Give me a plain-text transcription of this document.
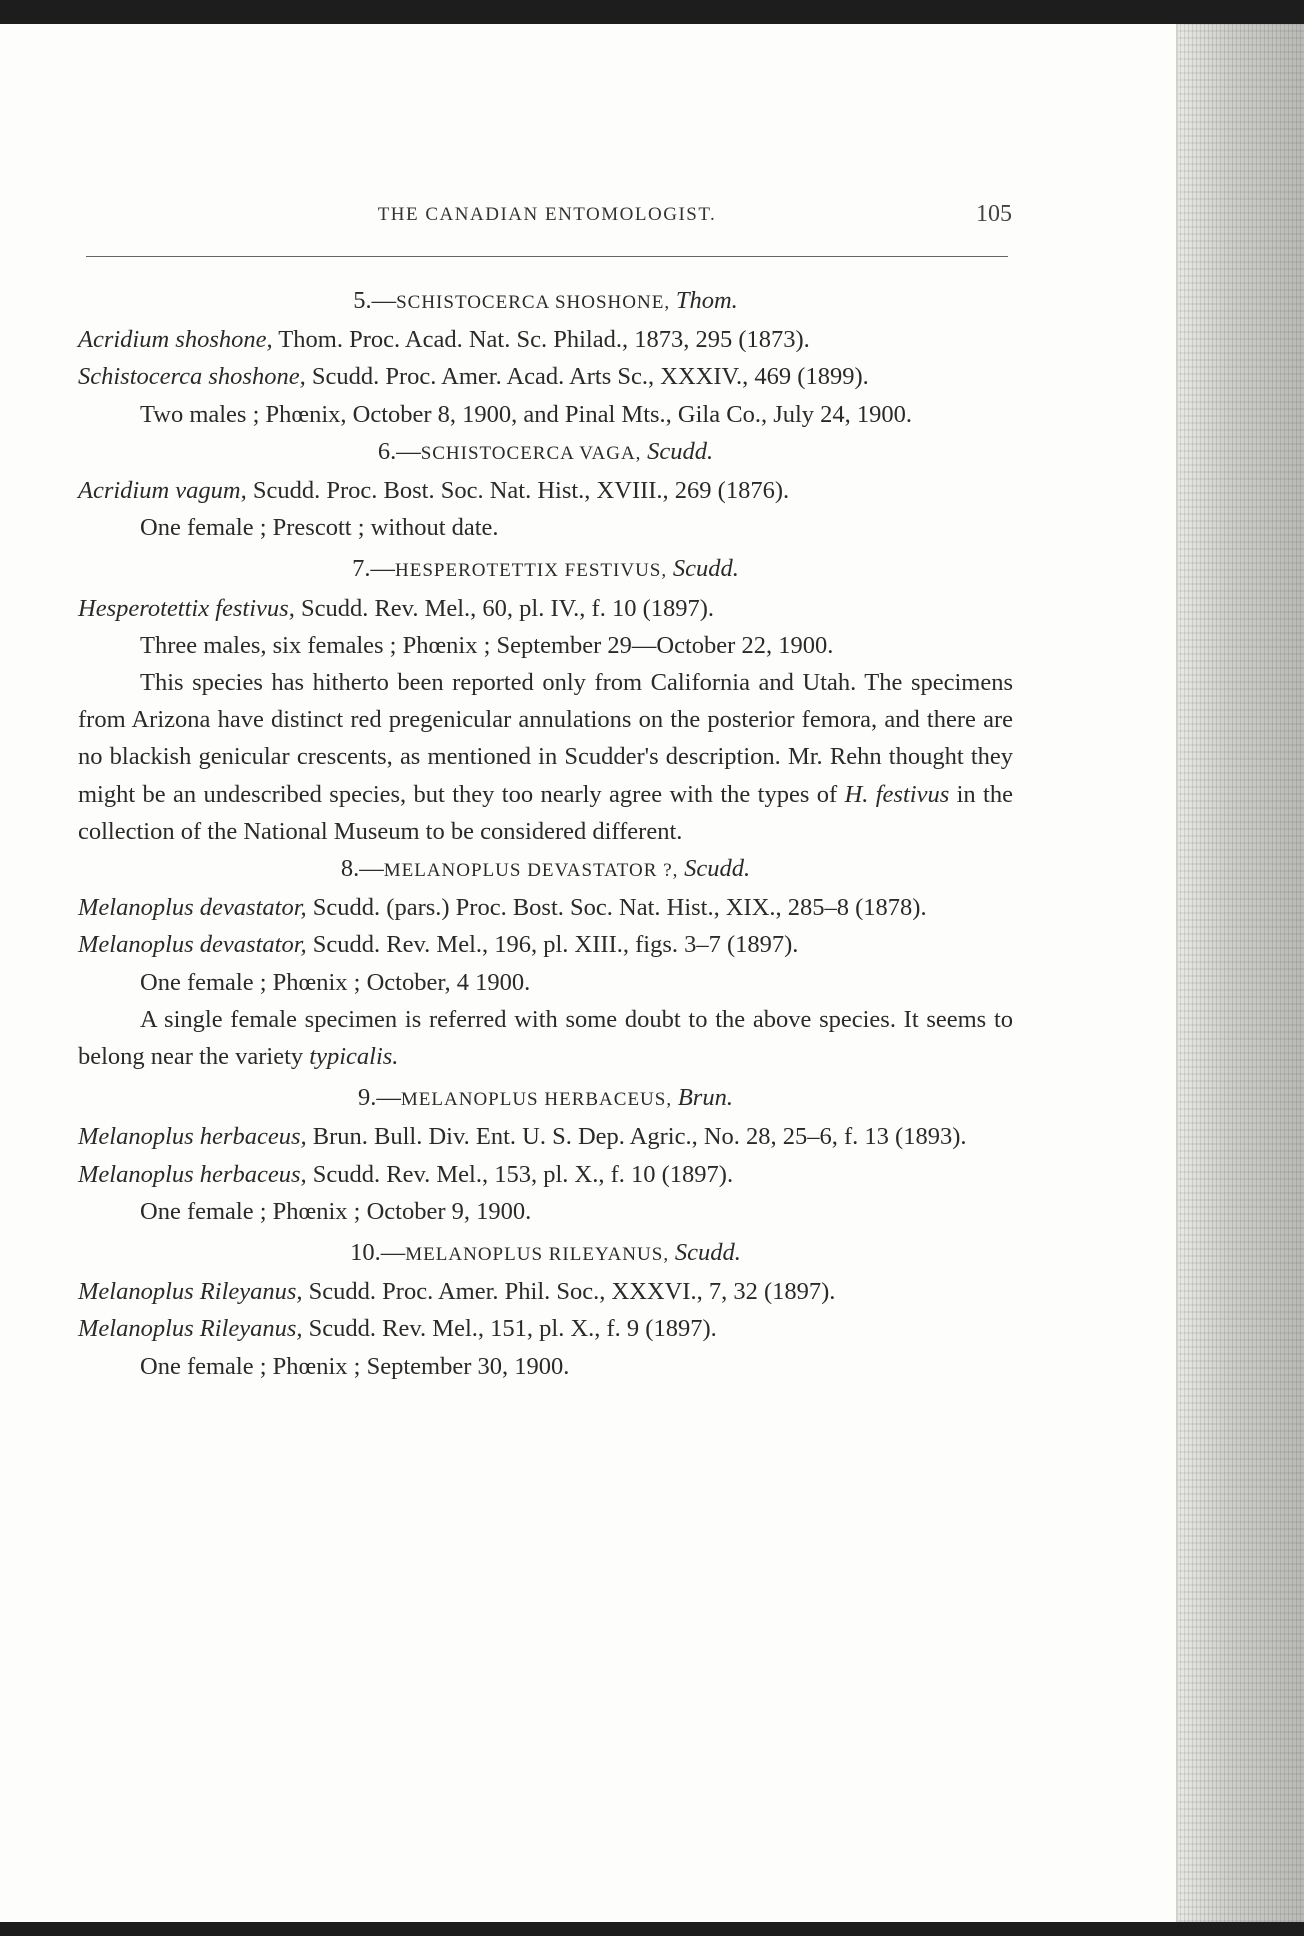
THE CANADIAN ENTOMOLOGIST.	105

5.—SCHISTOCERCA SHOSHONE, Thom.

Acridium shoshone, Thom. Proc. Acad. Nat. Sc. Philad., 1873, 295 (1873).

Schistocerca shoshone, Scudd. Proc. Amer. Acad. Arts Sc., XXXIV., 469 (1899).

Two males ; Phœnix, October 8, 1900, and Pinal Mts., Gila Co., July 24, 1900.

6.—SCHISTOCERCA VAGA, Scudd.

Acridium vagum, Scudd. Proc. Bost. Soc. Nat. Hist., XVIII., 269 (1876).

One female ; Prescott ; without date.

7.—HESPEROTETTIX FESTIVUS, Scudd.

Hesperotettix festivus, Scudd. Rev. Mel., 60, pl. IV., f. 10 (1897).

Three males, six females ; Phœnix ; September 29—October 22, 1900.

This species has hitherto been reported only from California and Utah. The specimens from Arizona have distinct red pregenicular annulations on the posterior femora, and there are no blackish genicular crescents, as mentioned in Scudder's description. Mr. Rehn thought they might be an undescribed species, but they too nearly agree with the types of H. festivus in the collection of the National Museum to be considered different.

8.—MELANOPLUS DEVASTATOR ?, Scudd.

Melanoplus devastator, Scudd. (pars.) Proc. Bost. Soc. Nat. Hist., XIX., 285–8 (1878).

Melanoplus devastator, Scudd. Rev. Mel., 196, pl. XIII., figs. 3–7 (1897).

One female ; Phœnix ; October, 4 1900.

A single female specimen is referred with some doubt to the above species. It seems to belong near the variety typicalis.

9.—MELANOPLUS HERBACEUS, Brun.

Melanoplus herbaceus, Brun. Bull. Div. Ent. U. S. Dep. Agric., No. 28, 25–6, f. 13 (1893).

Melanoplus herbaceus, Scudd. Rev. Mel., 153, pl. X., f. 10 (1897).

One female ; Phœnix ; October 9, 1900.

10.—MELANOPLUS RILEYANUS, Scudd.

Melanoplus Rileyanus, Scudd. Proc. Amer. Phil. Soc., XXXVI., 7, 32 (1897).

Melanoplus Rileyanus, Scudd. Rev. Mel., 151, pl. X., f. 9 (1897).

One female ; Phœnix ; September 30, 1900.
